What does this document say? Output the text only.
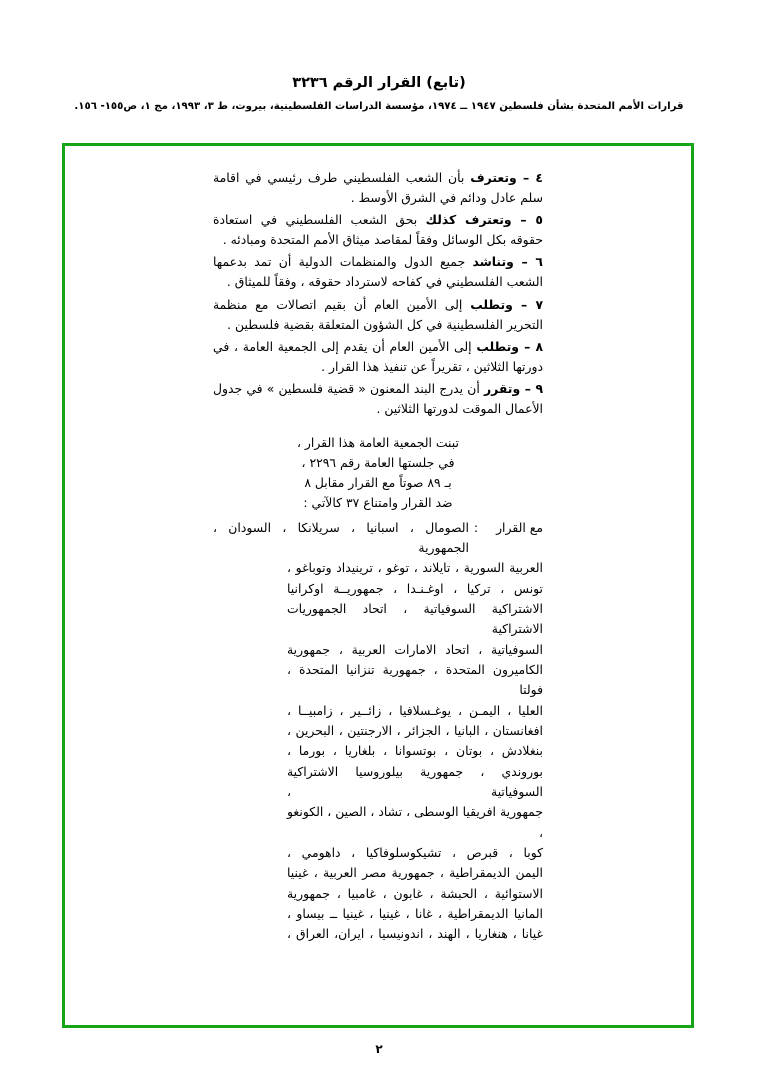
(تابع) القرار الرقم ٣٢٣٦
ﻗﺮارات الأمم المتحدة بشأن فلسطين ١٩٤٧ ــ ١٩٧٤، مؤسسة الدراسات الفلسطينية، بيروت، ط ٣، ١٩٩٣، مج ١، ص١٥٥- ١٥٦.

٤ – وتعترف بأن الشعب الفلسطيني طرف رئيسي في اقامة سلم عادل ودائم في الشرق الأوسط .

٥ – وتعترف كذلك بحق الشعب الفلسطيني في استعادة حقوقه بكل الوسائل وفقاً لمقاصد ميثاق الأمم المتحدة ومبادئه .

٦ – وتناشد جميع الدول والمنظمات الدولية أن تمد بدعمها الشعب الفلسطيني في كفاحه لاسترداد حقوقه ، وفقاً للميثاق .

٧ – وتطلب إلى الأمين العام أن بقيم اتصالات مع منظمة التحرير الفلسطينية في كل الشؤون المتعلقة بقضية فلسطين .

٨ – وتطلب إلى الأمين العام أن يقدم إلى الجمعية العامة ، في دورتها الثلاثين ، تقريراً عن تنفيذ هذا القرار .

٩ – وتقرر أن يدرج البند المعنون « قضية فلسطين » في جدول الأعمال الموقت لدورتها الثلاثين .

تبنت الجمعية العامة هذا القرار ،
في جلستها العامة رقم ٢٢٩٦ ،
بـ ٨٩ صوتاً مع القرار مقابل ٨
ضد القرار وامتناع ٣٧ كالآتي :
مع القرار
:
الصومال ، اسبانيا ، سريلانكا ، السودان ، الجمهورية

العربية السورية ، تايلاند ، توغو ، ترينيداد وتوباغو ،

تونس ، تركيا ، اوغـنـدا ، جمهوريــة اوكرانيا

الاشتراكية السوفياتية ، اتحاد الجمهوريات الاشتراكية

السوفياتية ، اتحاد الامارات العربية ، جمهورية

الكاميرون المتحدة ، جمهورية تنزانيا المتحدة ، فولتا

العليا ، اليمـن ، يوغـسلافيا ، زائــير ، زامبيــا ،

افغانستان ، البانيا ، الجزائر ، الارجنتين ، البحرين ،

بنغلادش ، بوتان ، بوتسوانا ، بلغاريا ، بورما ،

بوروندي ، جمهورية بيلوروسيا الاشتراكية السوفياتية ،

جمهورية افريقيا الوسطى ، تشاد ، الصين ، الكونغو ،

كوبا ، قبرص ، تشيكوسلوفاكيا ، داهومي ،

اليمن الديمقراطية ، جمهورية مصر العربية ، غينيا

الاستوائية ، الحبشة ، غابون ، غامبيا ، جمهورية

المانيا الديمقراطية ، غانا ، غينيا ، غينيا ــ بيساو ،

غيانا ، هنغاريا ، الهند ، اندونيسيا ، ايران، العراق ،

٢
